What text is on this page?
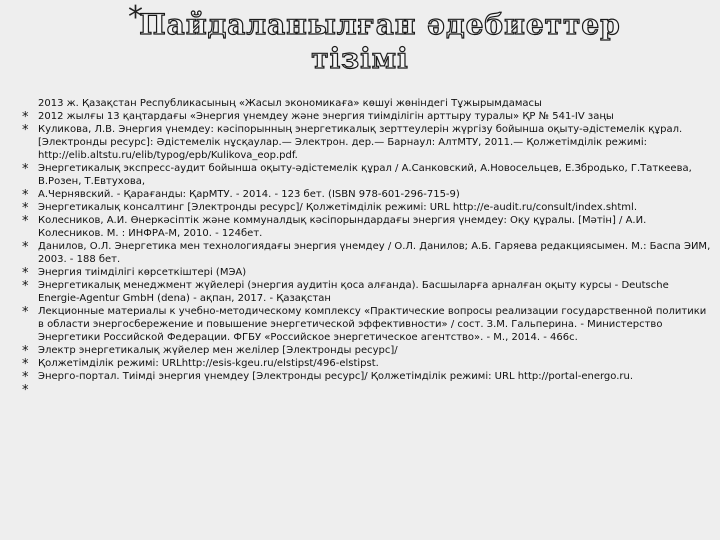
*
Пайдаланылған әдебиеттер
тізімі

2013 ж. Қазақстан Республикасының «Жасыл экономикаға» көшуі жөніндегі Тұжырымдамасы

* 2012 жылғы 13 қаңтардағы «Энергия үнемдеу және энергия тиімділігін арттыру туралы» ҚР № 541-IV заңы

* Куликова, Л.В. Энергия үнемдеу: кәсіпорынның энергетикалық зерттеулерін жүргізу бойынша оқыту-әдістемелік құрал. [Электронды ресурс]: Әдістемелік нұсқаулар.— Электрон. дер.— Барнаул: АлтМТУ, 2011.— Қолжетімділік режимі: http://elib.altstu.ru/elib/typog/epb/Kulikova_eop.pdf.

* Энергетикалық экспресс-аудит бойынша оқыту-әдістемелік құрал / А.Санковский, А.Новосельцев, Е.Збродько, Г.Таткеева, В.Розен, Т.Евтухова,

* А.Чернявский. - Қарағанды: ҚарМТУ. - 2014. - 123 бет. (ISBN 978-601-296-715-9)

* Энергетикалық консалтинг [Электронды ресурс]/ Қолжетімділік режимі: URL http://e-audit.ru/consult/index.shtml.

* Колесников, А.И. Өнеркәсіптік және коммуналдық кәсіпорындардағы энергия үнемдеу: Оқу құралы. [Мәтін] / А.И. Колесников. М. : ИНФРА-М, 2010. - 124бет.

* Данилов, О.Л. Энергетика мен технологиядағы энергия үнемдеу / О.Л. Данилов; А.Б. Гаряева редакциясымен. М.: Баспа ЭИМ, 2003. - 188 бет.

* Энергия тиімділігі көрсеткіштері (МЭА)

* Энергетикалық менеджмент жүйелері (энергия аудитін қоса алғанда). Басшыларға арналған оқыту курсы - Deutsche Energie-Agentur GmbH (dena) - ақпан, 2017. - Қазақстан

* Лекционные материалы к учебно-методическому комплексу «Практические вопросы реализации государственной политики в области энергосбережение и повышение энергетической эффективности» / сост. З.М. Гальперина. - Министерство Энергетики Российской Федерации. ФГБУ «Российское энергетическое агентство». - М., 2014. - 466с.

* Электр энергетикалық жүйелер мен желілер [Электронды ресурс]/

* Қолжетімділік режимі: URLhttp://esis-kgeu.ru/elstipst/496-elstipst.

* Энерго-портал. Тиімді энергия үнемдеу [Электронды ресурс]/ Қолжетімділік режимі: URL http://portal-energo.ru.

*
